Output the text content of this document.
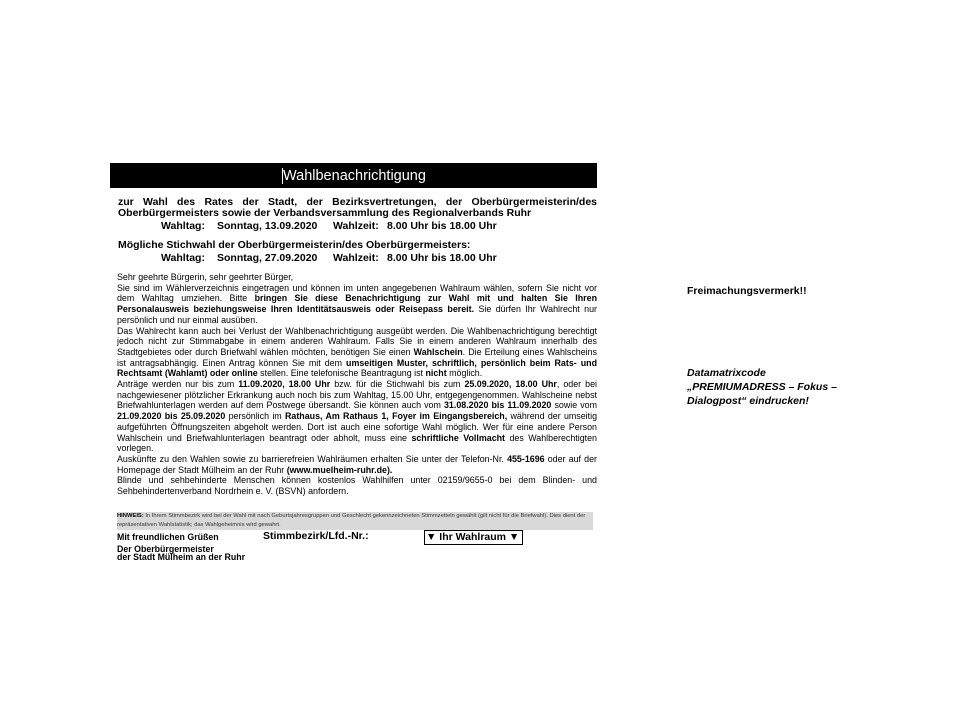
Wahlbenachrichtigung
zur Wahl des Rates der Stadt, der Bezirksvertretungen, der Oberbürgermeisterin/des
Oberbürgermeisters sowie der Verbandsversammlung des Regionalverbands Ruhr
Wahltag: Sonntag, 13.09.2020 Wahlzeit: 8.00 Uhr bis 18.00 Uhr
Mögliche Stichwahl der Oberbürgermeisterin/des Oberbürgermeisters:
Wahltag: Sonntag, 27.09.2020 Wahlzeit: 8.00 Uhr bis 18.00 Uhr

Sehr geehrte Bürgerin, sehr geehrter Bürger,

Sie sind im Wählerverzeichnis eingetragen und können im unten angegebenen Wahlraum wählen, sofern Sie nicht vor dem Wahltag umziehen. Bitte bringen Sie diese Benachrichtigung zur Wahl mit und halten Sie Ihren Personalausweis beziehungsweise Ihren Identitätsausweis oder Reisepass bereit. Sie dürfen Ihr Wahlrecht nur persönlich und nur einmal ausüben.

Das Wahlrecht kann auch bei Verlust der Wahlbenachrichtigung ausgeübt werden. Die Wahlbenachrichtigung berechtigt jedoch nicht zur Stimmabgabe in einem anderen Wahlraum. Falls Sie in einem anderen Wahlraum innerhalb des Stadtgebietes oder durch Briefwahl wählen möchten, benötigen Sie einen Wahlschein. Die Erteilung eines Wahlscheins ist antragsabhängig. Einen Antrag können Sie mit dem umseitigen Muster, schriftlich, persönlich beim Rats- und Rechtsamt (Wahlamt) oder online stellen. Eine telefonische Beantragung ist nicht möglich.

Anträge werden nur bis zum 11.09.2020, 18.00 Uhr bzw. für die Stichwahl bis zum 25.09.2020, 18.00 Uhr, oder bei nachgewiesener plötzlicher Erkrankung auch noch bis zum Wahltag, 15.00 Uhr, entgegengenommen. Wahlscheine nebst Briefwahlunterlagen werden auf dem Postwege übersandt. Sie können auch vom 31.08.2020 bis 11.09.2020 sowie vom 21.09.2020 bis 25.09.2020 persönlich im Rathaus, Am Rathaus 1, Foyer im Eingangsbereich, während der umseitig aufgeführten Öffnungszeiten abgeholt werden. Dort ist auch eine sofortige Wahl möglich. Wer für eine andere Person Wahlschein und Briefwahlunterlagen beantragt oder abholt, muss eine schriftliche Vollmacht des Wahlberechtigten vorlegen.

Auskünfte zu den Wahlen sowie zu barrierefreien Wahlräumen erhalten Sie unter der Telefon-Nr. 455-1696 oder auf der Homepage der Stadt Mülheim an der Ruhr (www.muelheim-ruhr.de).

Blinde und sehbehinderte Menschen können kostenlos Wahlhilfen unter 02159/9655-0 bei dem Blinden- und Sehbehindertenverband Nordrhein e. V. (BSVN) anfordern.

HINWEIS: In Ihrem Stimmbezirk wird bei der Wahl mit nach Geburtsjahresgruppen und Geschlecht gekennzeichneten Stimmzetteln gewählt (gilt nicht für die Briefwahl). Dies dient der repräsentativen Wahlstatistik; das Wahlgeheimnis wird gewahrt.
Mit freundlichen Grüßen
Der Oberbürgermeister
der Stadt Mülheim an der Ruhr
Stimmbezirk/Lfd.-Nr.:	▼ Ihr Wahlraum ▼
Freimachungsvermerk!!
Datamatrixcode
„PREMIUMADRESS – Fokus –
Dialogpost“ eindrucken!
